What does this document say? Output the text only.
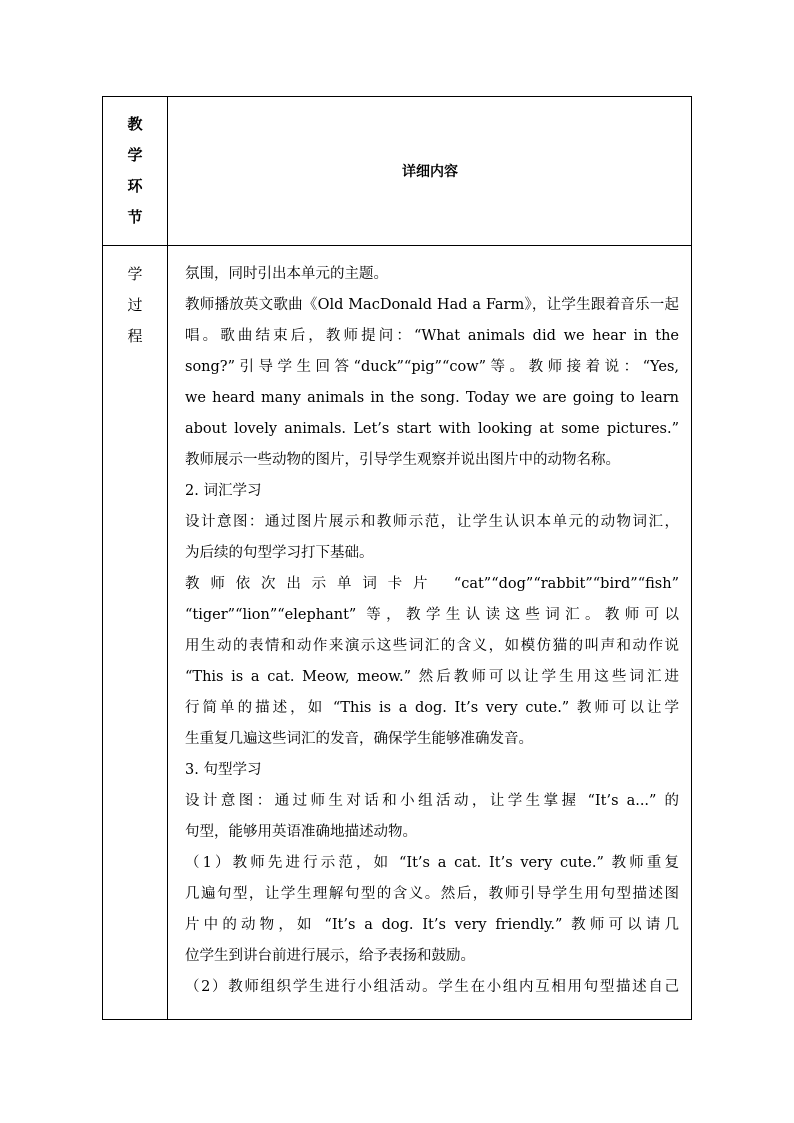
教
学
环
节
详细内容
学
过
程
氛围，同时引出本单元的主题。
教师播放英文歌曲《Old MacDonald Had a Farm》，让学生跟着音乐一起
唱。歌曲结束后，教师提问：“What animals did we hear in the
song?”引导学生回答“duck”“pig”“cow”等。教师接着说：“Yes,
we heard many animals in the song. Today we are going to learn
about lovely animals. Let’s start with looking at some pictures.”
教师展示一些动物的图片，引导学生观察并说出图片中的动物名称。
2. 词汇学习
设计意图：通过图片展示和教师示范，让学生认识本单元的动物词汇，
为后续的句型学习打下基础。
教师依次出示单词卡片 “cat”“dog”“rabbit”“bird”“fish”
“tiger”“lion”“elephant” 等，教学生认读这些词汇。教师可以
用生动的表情和动作来演示这些词汇的含义，如模仿猫的叫声和动作说
“This is a cat. Meow, meow.” 然后教师可以让学生用这些词汇进
行简单的描述，如 “This is a dog. It’s very cute.” 教师可以让学
生重复几遍这些词汇的发音，确保学生能够准确发音。
3. 句型学习
设计意图：通过师生对话和小组活动，让学生掌握 “It’s a...” 的
句型，能够用英语准确地描述动物。
（1）教师先进行示范，如 “It’s a cat. It’s very cute.” 教师重复
几遍句型，让学生理解句型的含义。然后，教师引导学生用句型描述图
片中的动物，如 “It’s a dog. It’s very friendly.” 教师可以请几
位学生到讲台前进行展示，给予表扬和鼓励。
（2）教师组织学生进行小组活动。学生在小组内互相用句型描述自己
